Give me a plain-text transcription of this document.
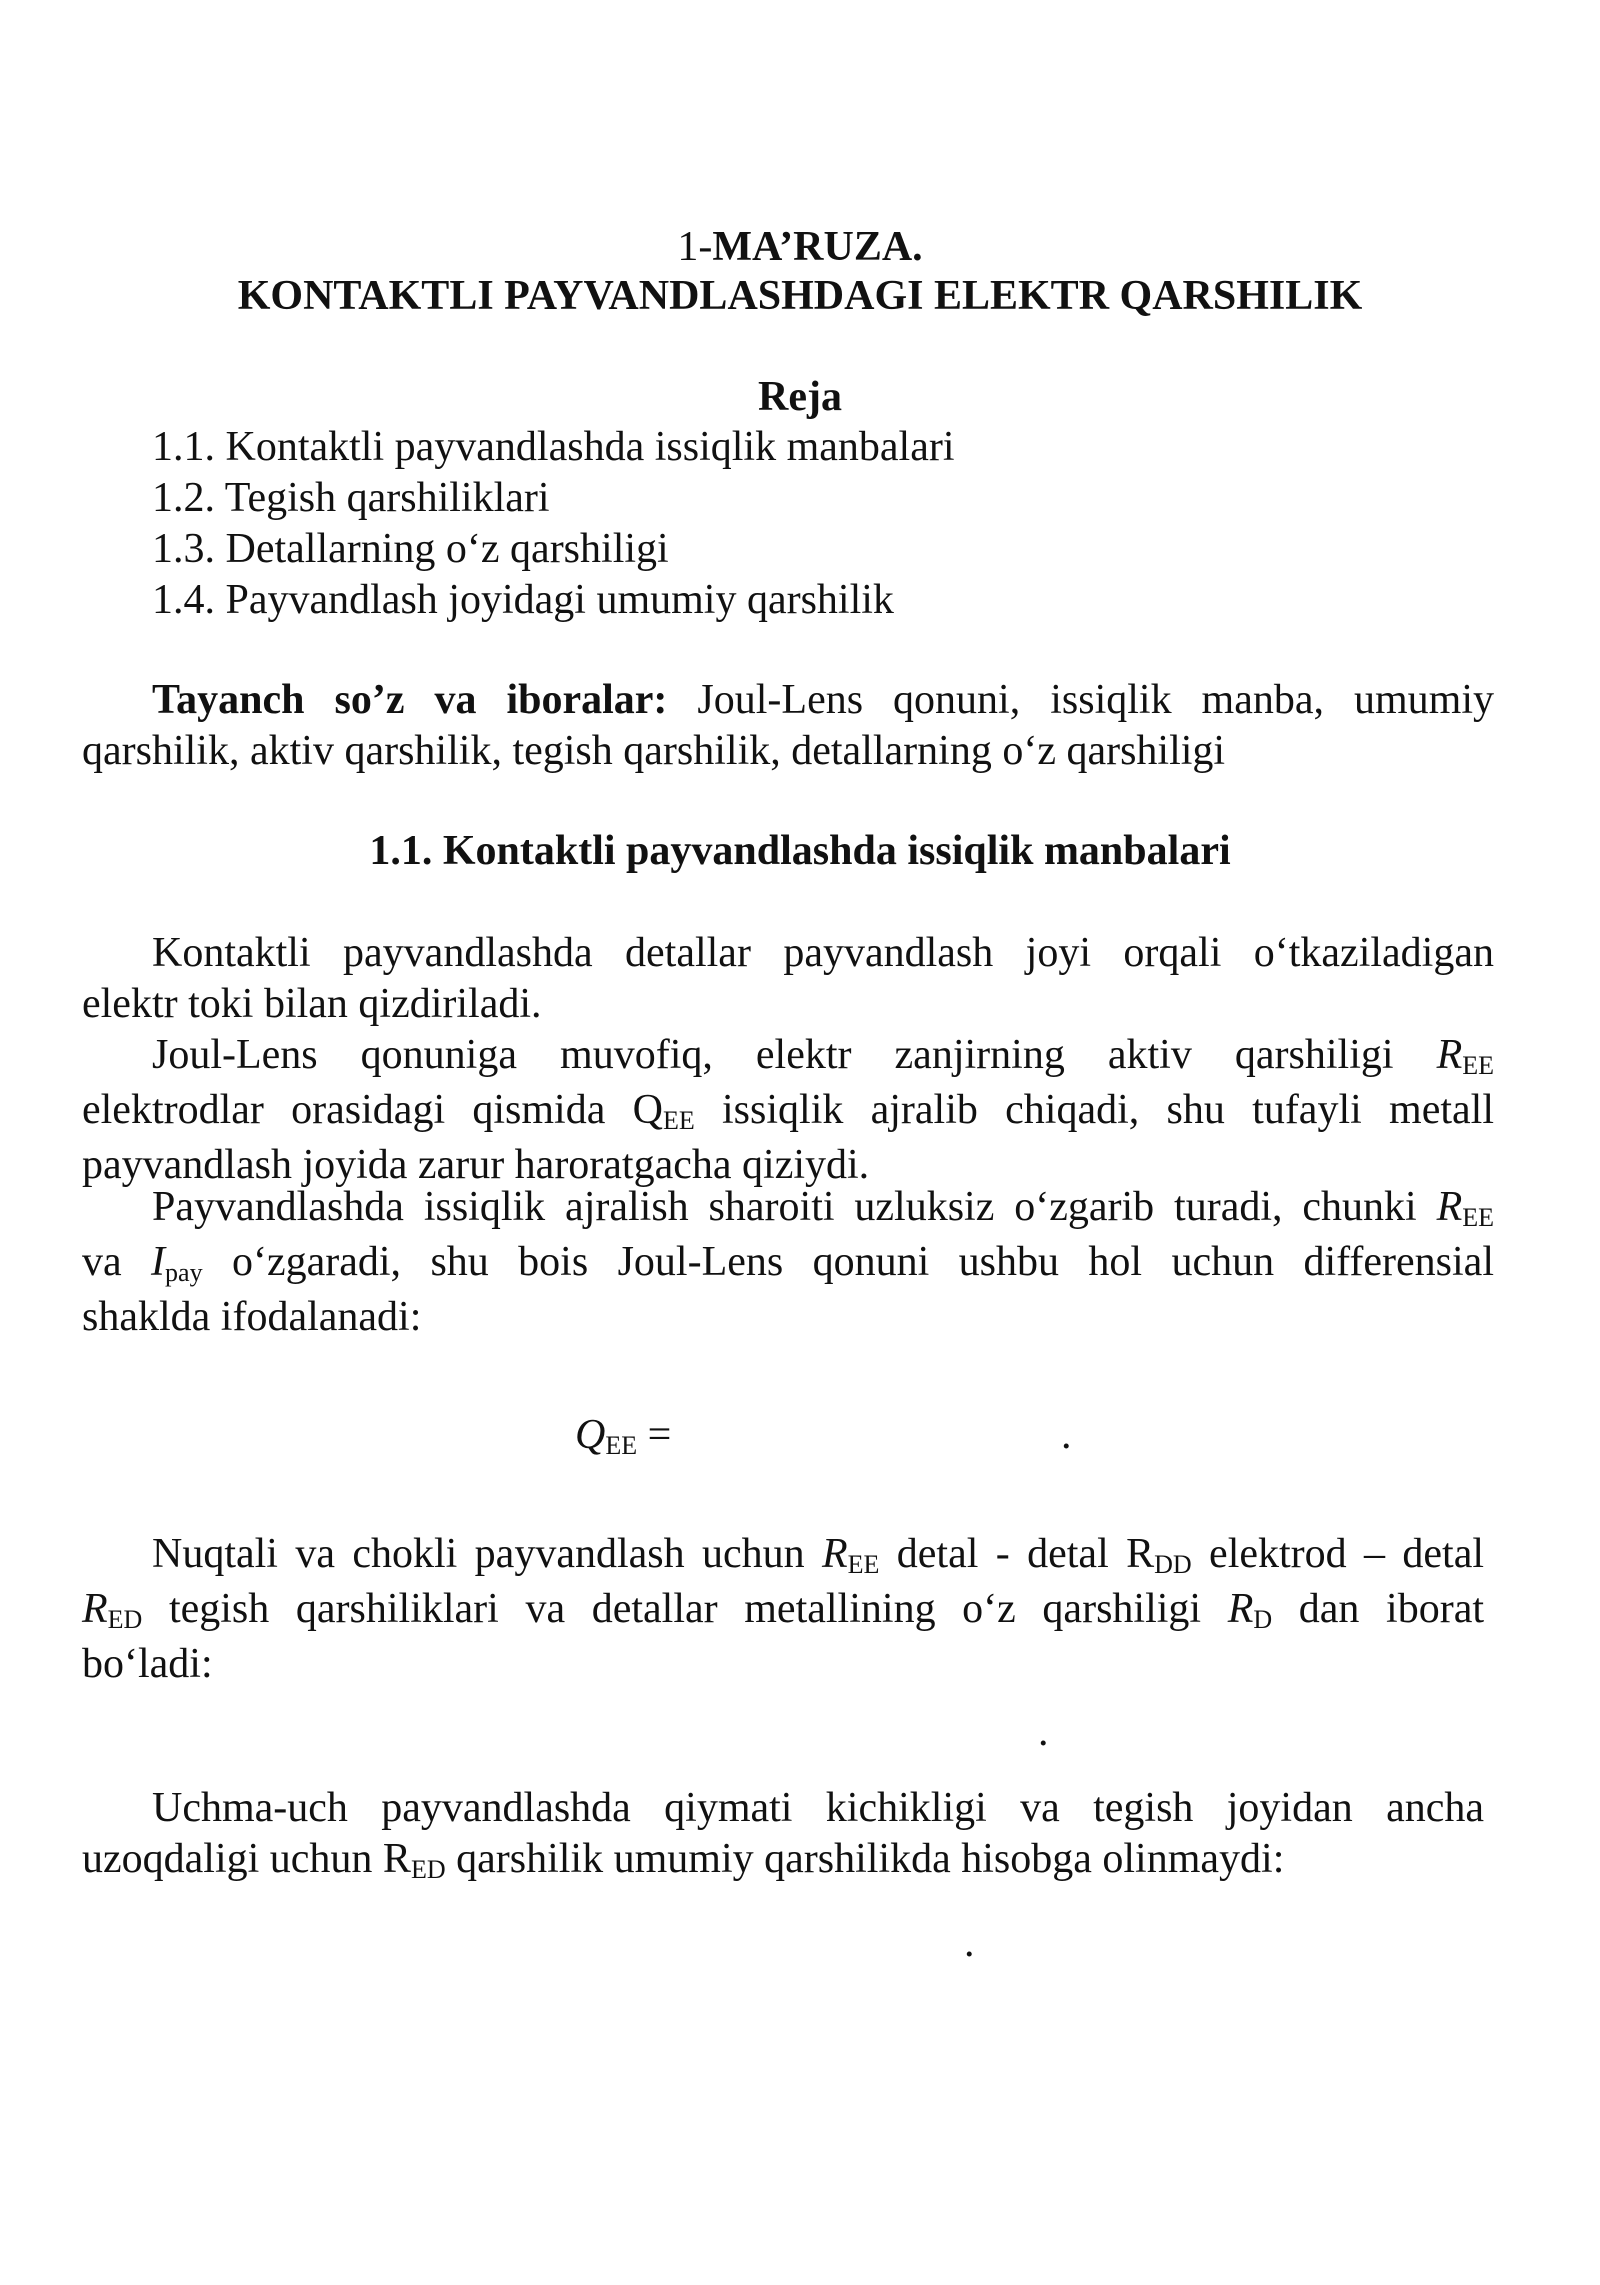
1-MA’RUZA.
KONTAKTLI PAYVANDLASHDAGI ELEKTR QARSHILIK
Reja
1.1. Kontaktli payvandlashda issiqlik manbalari
1.2. Tegish qarshiliklari
1.3. Detallarning o‘z qarshiligi
1.4. Payvandlash joyidagi umumiy qarshilik
Tayanch so’z va iboralar: Joul-Lens qonuni, issiqlik manba, umumiy
qarshilik, aktiv qarshilik, tegish qarshilik, detallarning o‘z qarshiligi
1.1. Kontaktli payvandlashda issiqlik manbalari
Kontaktli payvandlashda detallar payvandlash joyi orqali o‘tkaziladigan
elektr toki bilan qizdiriladi.
Joul-Lens qonuniga muvofiq, elektr zanjirning aktiv qarshiligi REE
elektrodlar orasidagi qismida QEE issiqlik ajralib chiqadi, shu tufayli metall
payvandlash joyida zarur haroratgacha qiziydi.
Payvandlashda issiqlik ajralish sharoiti uzluksiz o‘zgarib turadi, chunki REE
va Ipay o‘zgaradi, shu bois Joul-Lens qonuni ushbu hol uchun differensial
shaklda ifodalanadi:
QEE =	.
Nuqtali va chokli payvandlash uchun REE detal - detal RDD elektrod – detal
RED tegish qarshiliklari va detallar metallining o‘z qarshiligi RD dan iborat
bo‘ladi:
.
Uchma-uch payvandlashda qiymati kichikligi va tegish joyidan ancha
uzoqdaligi uchun RED qarshilik umumiy qarshilikda hisobga olinmaydi:
.
